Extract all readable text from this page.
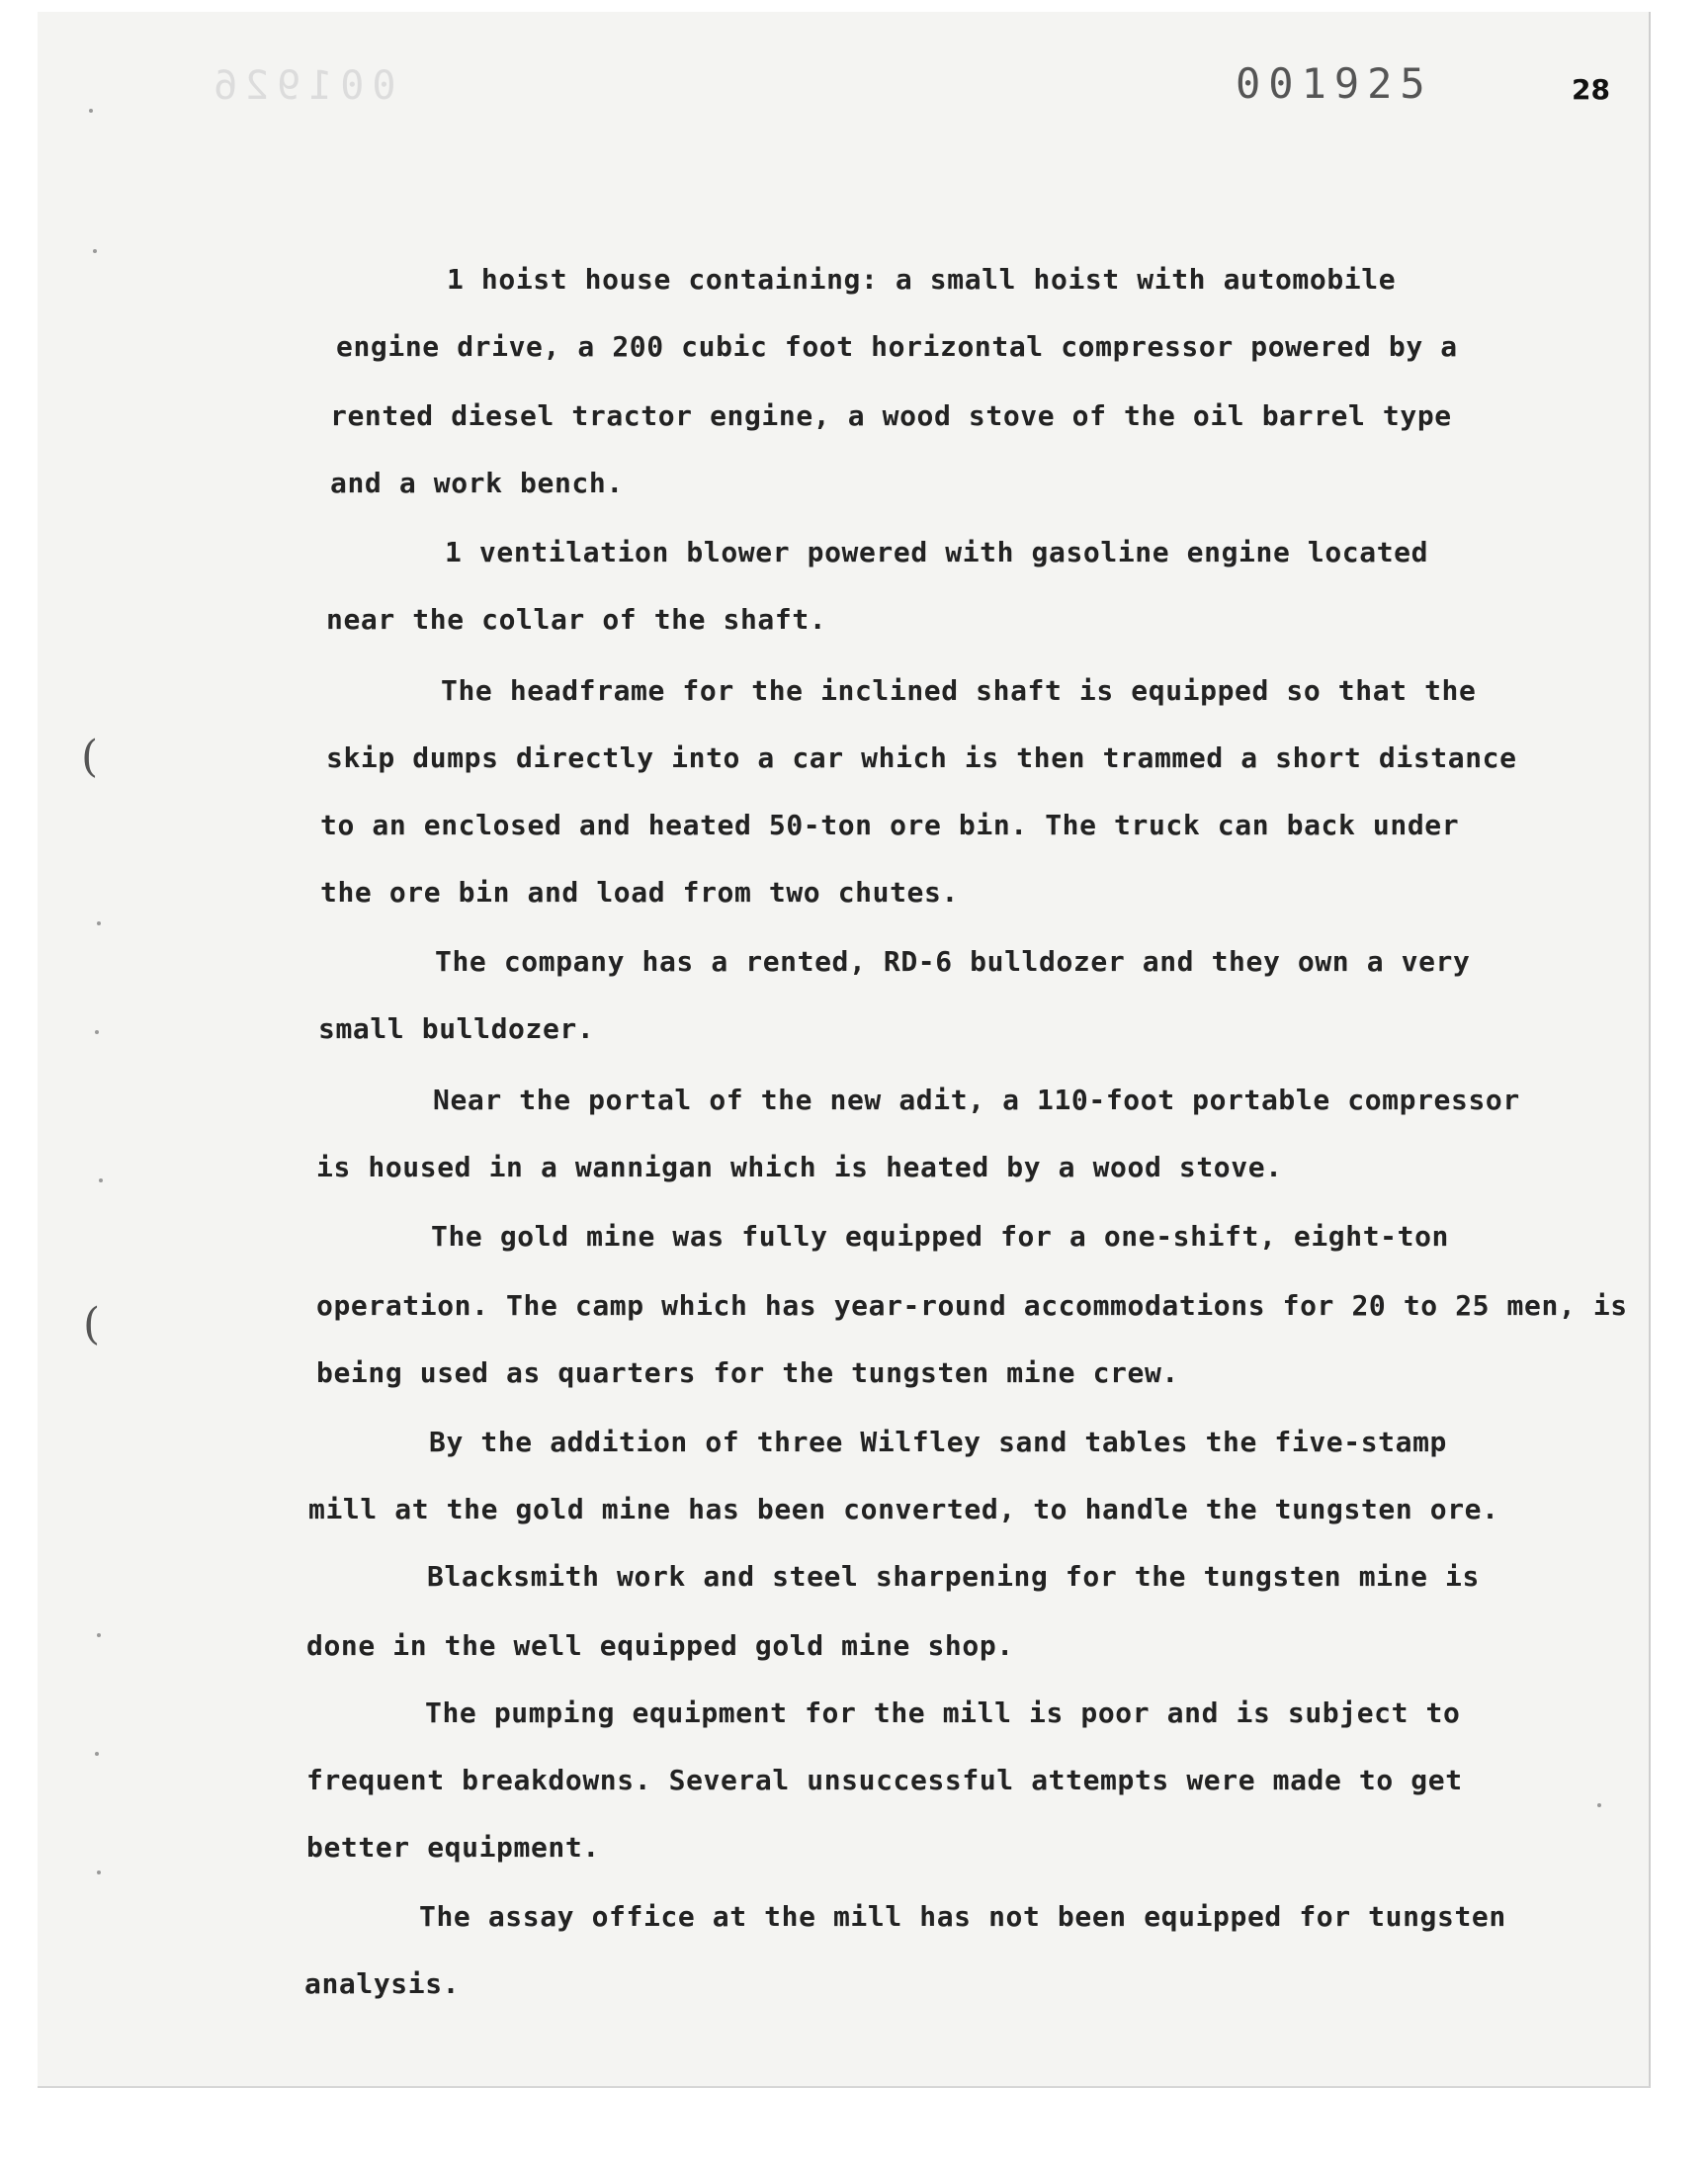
001926	001925	28
(
(
1 hoist house containing: a small hoist with automobile
engine drive, a 200 cubic foot horizontal compressor powered by a
rented diesel tractor engine, a wood stove of the oil barrel type
and a work bench.
1 ventilation blower powered with gasoline engine located
near the collar of the shaft.
The headframe for the inclined shaft is equipped so that the
skip dumps directly into a car which is then trammed a short distance
to an enclosed and heated 50-ton ore bin. The truck can back under
the ore bin and load from two chutes.
The company has a rented, RD-6 bulldozer and they own a very
small bulldozer.
Near the portal of the new adit, a 110-foot portable compressor
is housed in a wannigan which is heated by a wood stove.
The gold mine was fully equipped for a one-shift, eight-ton
operation. The camp which has year-round accommodations for 20 to 25 men, is
being used as quarters for the tungsten mine crew.
By the addition of three Wilfley sand tables the five-stamp
mill at the gold mine has been converted, to handle the tungsten ore.
Blacksmith work and steel sharpening for the tungsten mine is
done in the well equipped gold mine shop.
The pumping equipment for the mill is poor and is subject to
frequent breakdowns. Several unsuccessful attempts were made to get
better equipment.
The assay office at the mill has not been equipped for tungsten
analysis.
